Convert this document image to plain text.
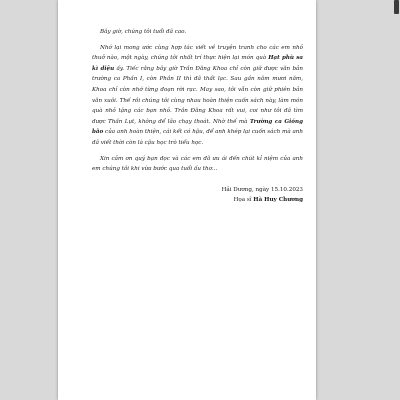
Bây giờ, chúng tôi tuổi đã cao.

Nhớ lại mong ước cùng hợp tác viết về truyện tranh cho các em nhỏ thuở nào, một ngày, chúng tôi nhất trí thực hiện lại món quà Hạt phù sa kì diệu ấy. Tiếc rằng bây giờ Trần Đăng Khoa chỉ còn giữ được văn bản trường ca Phần I, còn Phần II thì đã thất lạc. Sau gần năm mươi năm, Khoa chỉ còn nhớ từng đoạn rời rạc. May sao, tôi vẫn còn giữ phiên bản văn xuôi. Thế rồi chúng tôi cùng nhau hoàn thiện cuốn sách này, làm món quà nhỏ tặng các bạn nhỏ. Trần Đăng Khoa rất vui, coi như tôi đã tìm được Thần Lụt, không để lão chạy thoát. Nhờ thế mà Trường ca Gióng bão của anh hoàn thiện, cái kết có hậu, để anh khép lại cuốn sách mà anh đã viết thời còn là cậu học trò tiểu học.

Xin cảm ơn quý bạn đọc và các em đã ưu ái đến chút kỉ niệm của anh em chúng tôi khi vừa bước qua tuổi ấu thơ...

Hải Dương, ngày 15.10.2023
Họa sĩ Hà Huy Chương
